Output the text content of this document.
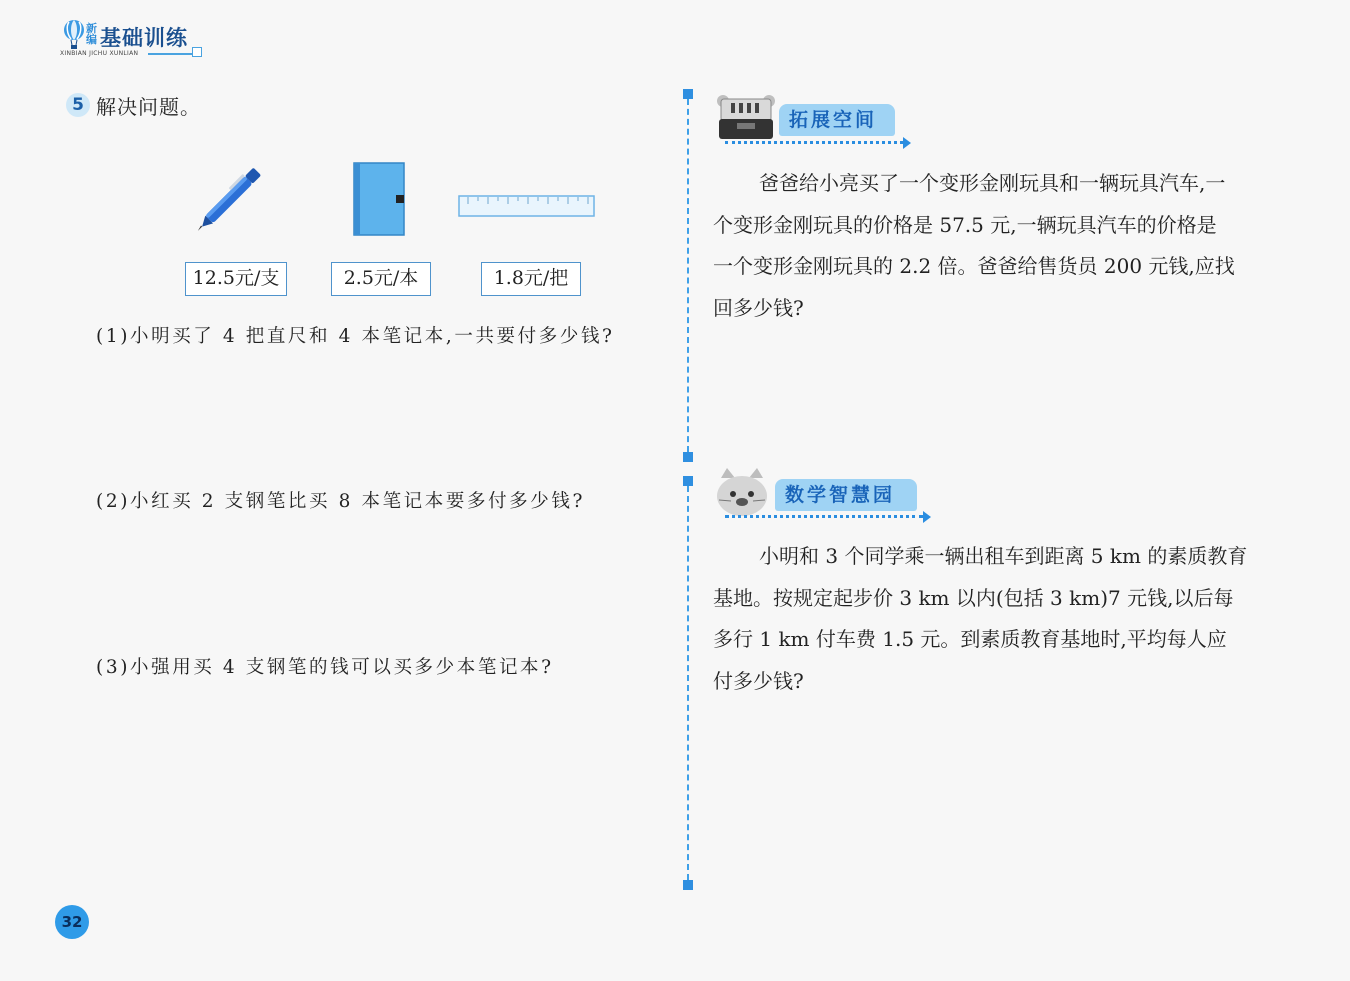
新
编 基础训练
XINBIAN JICHU XUNLIAN
5 解决问题。
12.5元/支	2.5元/本	1.8元/把
(1)小明买了 4 把直尺和 4 本笔记本,一共要付多少钱?
(2)小红买 2 支钢笔比买 8 本笔记本要多付多少钱?
(3)小强用买 4 支钢笔的钱可以买多少本笔记本?
拓展空间
爸爸给小亮买了一个变形金刚玩具和一辆玩具汽车,一
个变形金刚玩具的价格是 57.5 元,一辆玩具汽车的价格是
一个变形金刚玩具的 2.2 倍。爸爸给售货员 200 元钱,应找
回多少钱?
数学智慧园
小明和 3 个同学乘一辆出租车到距离 5 km 的素质教育
基地。按规定起步价 3 km 以内(包括 3 km)7 元钱,以后每
多行 1 km 付车费 1.5 元。到素质教育基地时,平均每人应
付多少钱?
32
